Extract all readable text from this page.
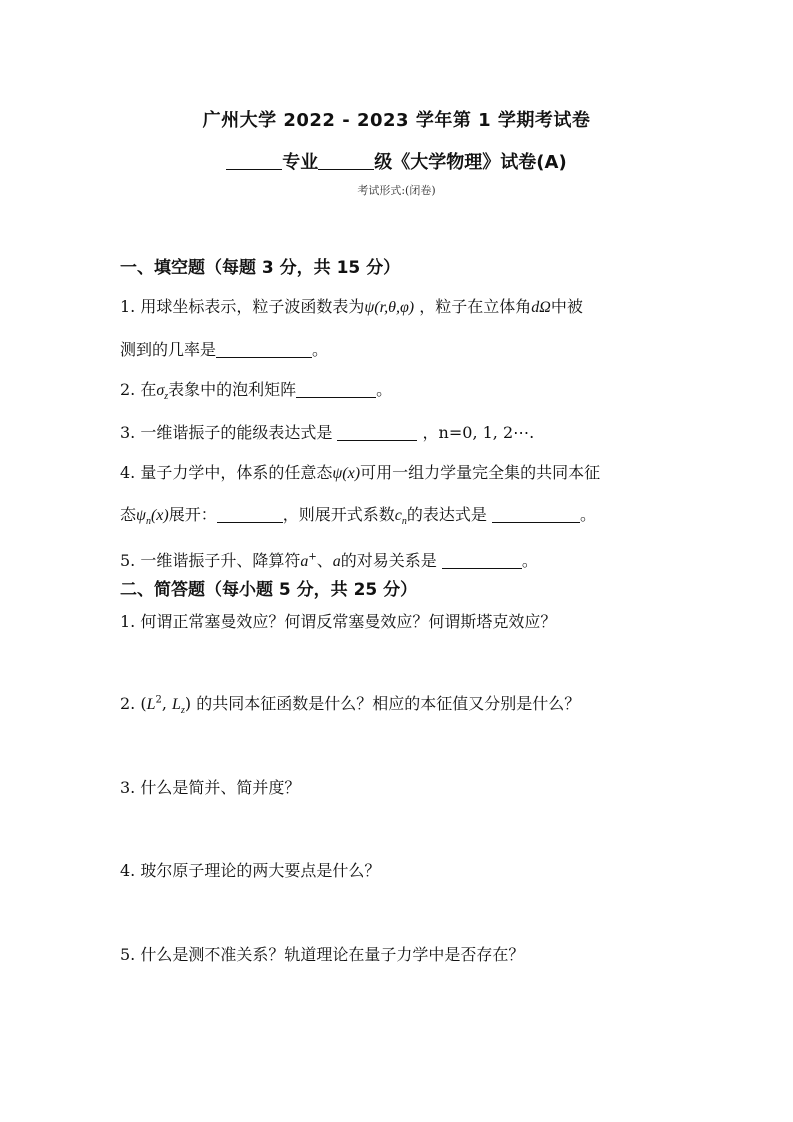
广州大学 2022 - 2023 学年第 1 学期考试卷
专业	级《大学物理》试卷(A)
考试形式:(闭卷)
一、填空题（每题 3 分，共 15 分）
1. 用球坐标表示，粒子波函数表为ψ(r,θ,φ) ，粒子在立体角dΩ中被
测到的几率是	。
2. 在$\sigma_z$表象中的泡利矩阵	。
3. 一维谐振子的能级表达式是	，n=0, 1, 2⋯.
4. 量子力学中，体系的任意态ψ(x)可用一组力学量完全集的共同本征
态$\psi_n(x)$展开：	，则展开式系数$c_n$的表达式是	。
5. 一维谐振子升、降算符a+、a的对易关系是	。
二、简答题（每小题 5 分，共 25 分）
1. 何谓正常塞曼效应？何谓反常塞曼效应？何谓斯塔克效应？
2. ($L^2$, $L_z$) 的共同本征函数是什么？相应的本征值又分别是什么？
3. 什么是简并、简并度？
4. 玻尔原子理论的两大要点是什么？
5. 什么是测不准关系？轨道理论在量子力学中是否存在？
